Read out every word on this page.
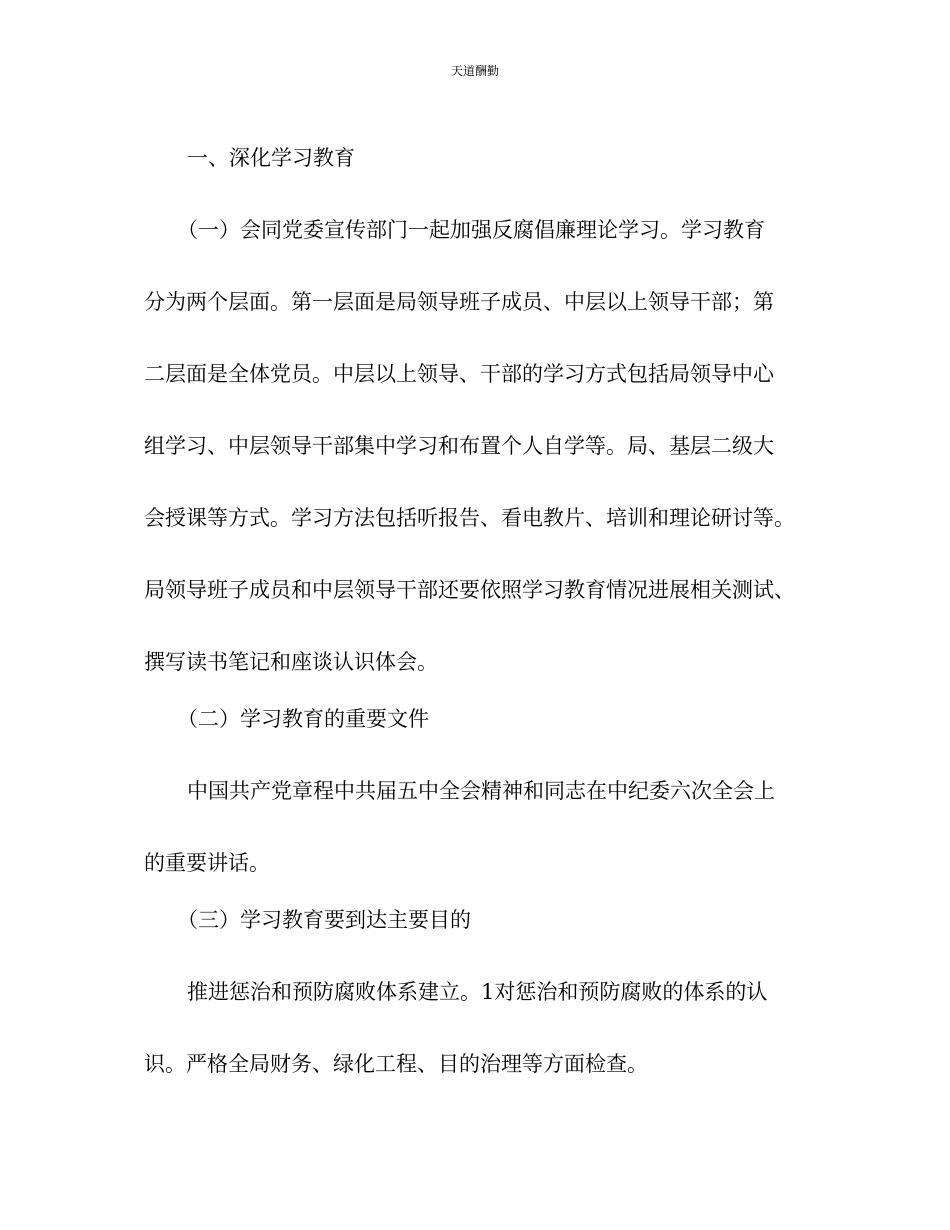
天道酬勤
一、深化学习教育
（一）会同党委宣传部门一起加强反腐倡廉理论学习。学习教育
分为两个层面。第一层面是局领导班子成员、中层以上领导干部；第
二层面是全体党员。中层以上领导、干部的学习方式包括局领导中心
组学习、中层领导干部集中学习和布置个人自学等。局、基层二级大
会授课等方式。学习方法包括听报告、看电教片、培训和理论研讨等。
局领导班子成员和中层领导干部还要依照学习教育情况进展相关测试、
撰写读书笔记和座谈认识体会。
（二）学习教育的重要文件
中国共产党章程中共届五中全会精神和同志在中纪委六次全会上
的重要讲话。
（三）学习教育要到达主要目的
推进惩治和预防腐败体系建立。1对惩治和预防腐败的体系的认
识。严格全局财务、绿化工程、目的治理等方面检查。
